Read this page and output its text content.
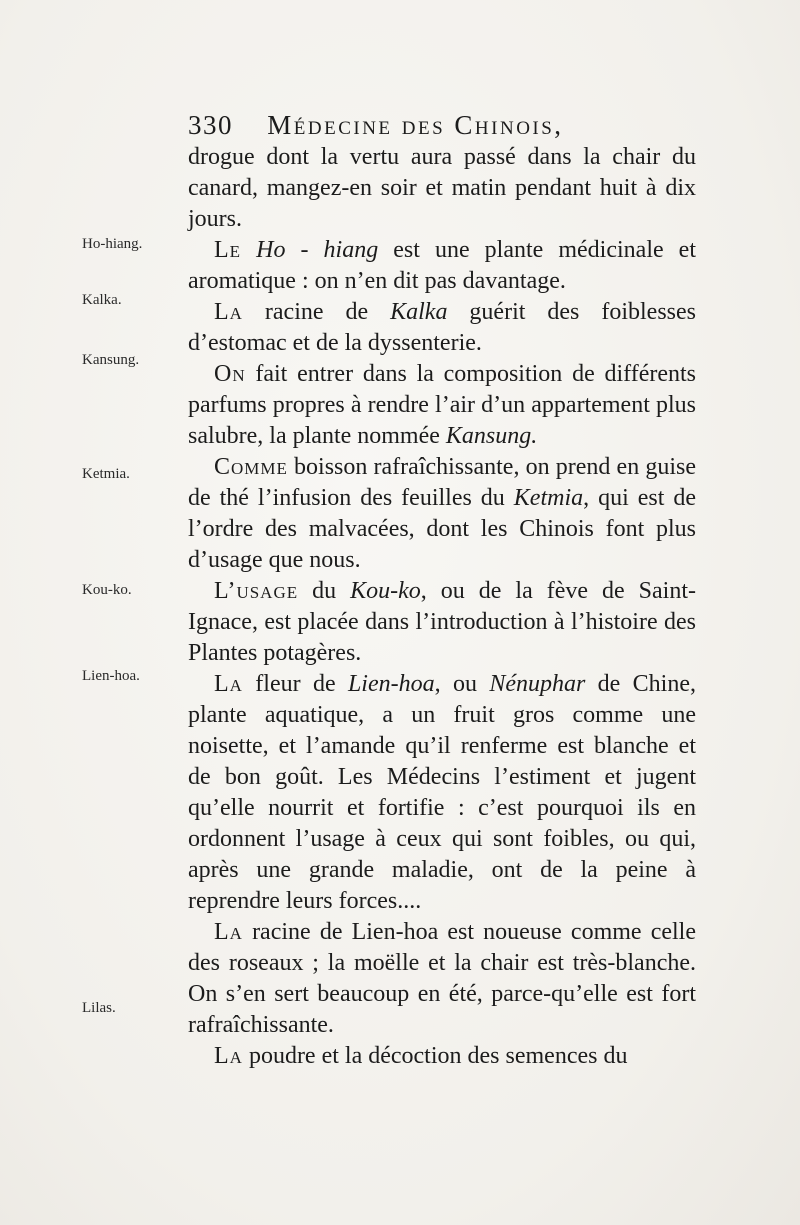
330 Médecine des Chinois,
Ho-hiang.
Kalka.
Kansung.
Ketmia.
Kou-ko.
Lien-hoa.
Lilas.

drogue dont la vertu aura passé dans la chair du canard, mangez-en soir et matin pendant huit à dix jours.

Le Ho - hiang est une plante médicinale et aromatique : on n’en dit pas davantage.

La racine de Kalka guérit des foiblesses d’estomac et de la dyssenterie.

On fait entrer dans la composition de différents parfums propres à rendre l’air d’un appartement plus salubre, la plante nommée Kansung.

Comme boisson rafraîchissante, on prend en guise de thé l’infusion des feuilles du Ketmia, qui est de l’ordre des malvacées, dont les Chinois font plus d’usage que nous.

L’usage du Kou-ko, ou de la fève de Saint-Ignace, est placée dans l’introduction à l’histoire des Plantes potagères.

La fleur de Lien-hoa, ou Nénuphar de Chine, plante aquatique, a un fruit gros comme une noisette, et l’amande qu’il renferme est blanche et de bon goût. Les Médecins l’estiment et jugent qu’elle nourrit et fortifie : c’est pourquoi ils en ordonnent l’usage à ceux qui sont foibles, ou qui, après une grande maladie, ont de la peine à reprendre leurs forces....

La racine de Lien-hoa est noueuse comme celle des roseaux ; la moëlle et la chair est très-blanche. On s’en sert beaucoup en été, parce-qu’elle est fort rafraîchissante.

La poudre et la décoction des semences du
